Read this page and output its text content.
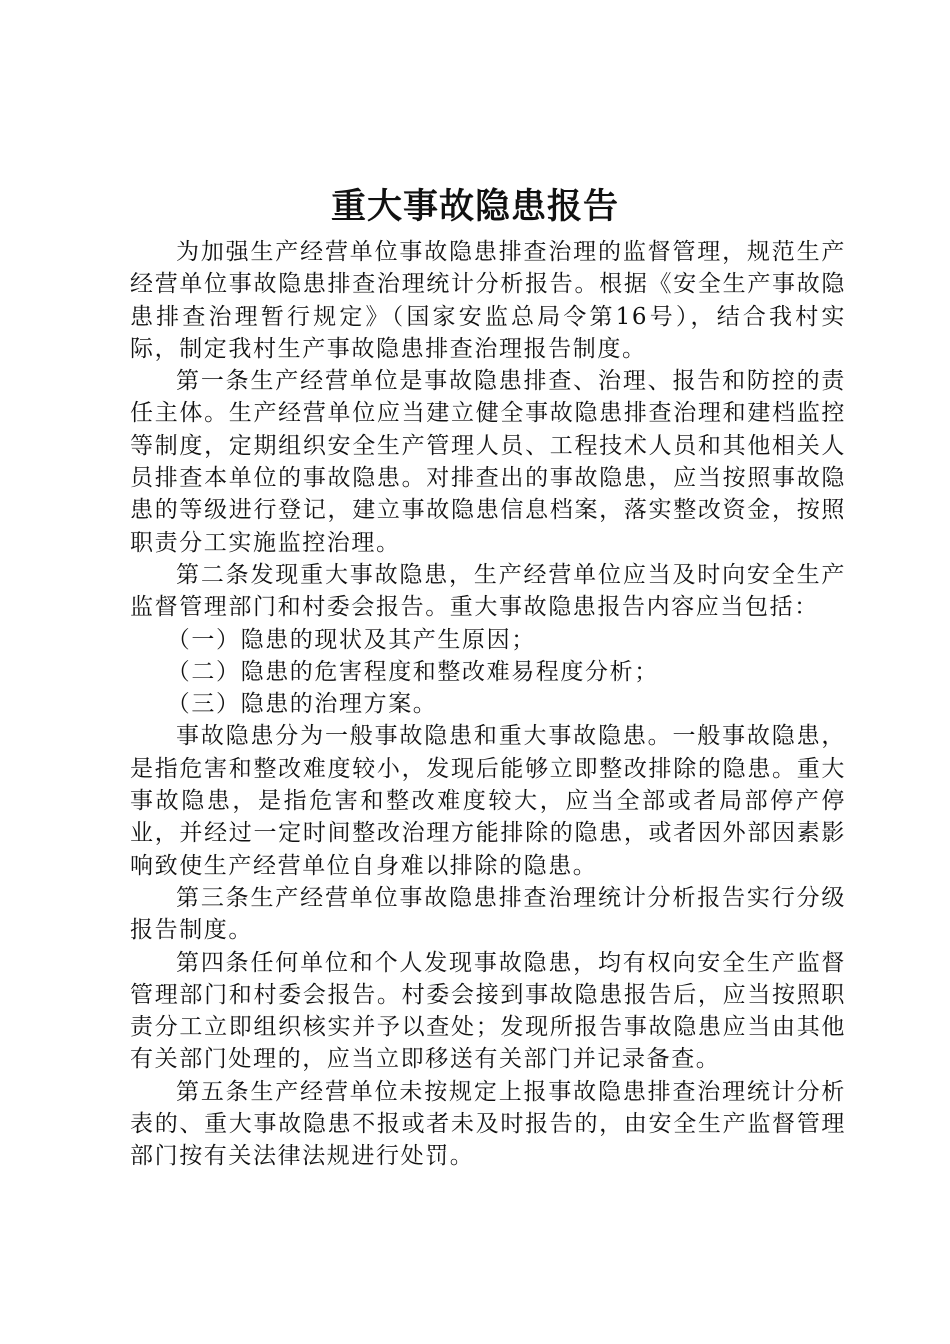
重大事故隐患报告

为加强生产经营单位事故隐患排查治理的监督管理，规范生产经营单位事故隐患排查治理统计分析报告。根据《安全生产事故隐患排查治理暂行规定》（国家安监总局令第16号），结合我村实际，制定我村生产事故隐患排查治理报告制度。

第一条生产经营单位是事故隐患排查、治理、报告和防控的责任主体。生产经营单位应当建立健全事故隐患排查治理和建档监控等制度，定期组织安全生产管理人员、工程技术人员和其他相关人员排查本单位的事故隐患。对排查出的事故隐患，应当按照事故隐患的等级进行登记，建立事故隐患信息档案，落实整改资金，按照职责分工实施监控治理。

第二条发现重大事故隐患，生产经营单位应当及时向安全生产监督管理部门和村委会报告。重大事故隐患报告内容应当包括：

（一）隐患的现状及其产生原因；

（二）隐患的危害程度和整改难易程度分析；

（三）隐患的治理方案。

事故隐患分为一般事故隐患和重大事故隐患。一般事故隐患，是指危害和整改难度较小，发现后能够立即整改排除的隐患。重大事故隐患，是指危害和整改难度较大，应当全部或者局部停产停业，并经过一定时间整改治理方能排除的隐患，或者因外部因素影响致使生产经营单位自身难以排除的隐患。

第三条生产经营单位事故隐患排查治理统计分析报告实行分级报告制度。

第四条任何单位和个人发现事故隐患，均有权向安全生产监督管理部门和村委会报告。村委会接到事故隐患报告后，应当按照职责分工立即组织核实并予以查处；发现所报告事故隐患应当由其他有关部门处理的，应当立即移送有关部门并记录备查。

第五条生产经营单位未按规定上报事故隐患排查治理统计分析表的、重大事故隐患不报或者未及时报告的，由安全生产监督管理部门按有关法律法规进行处罚。
